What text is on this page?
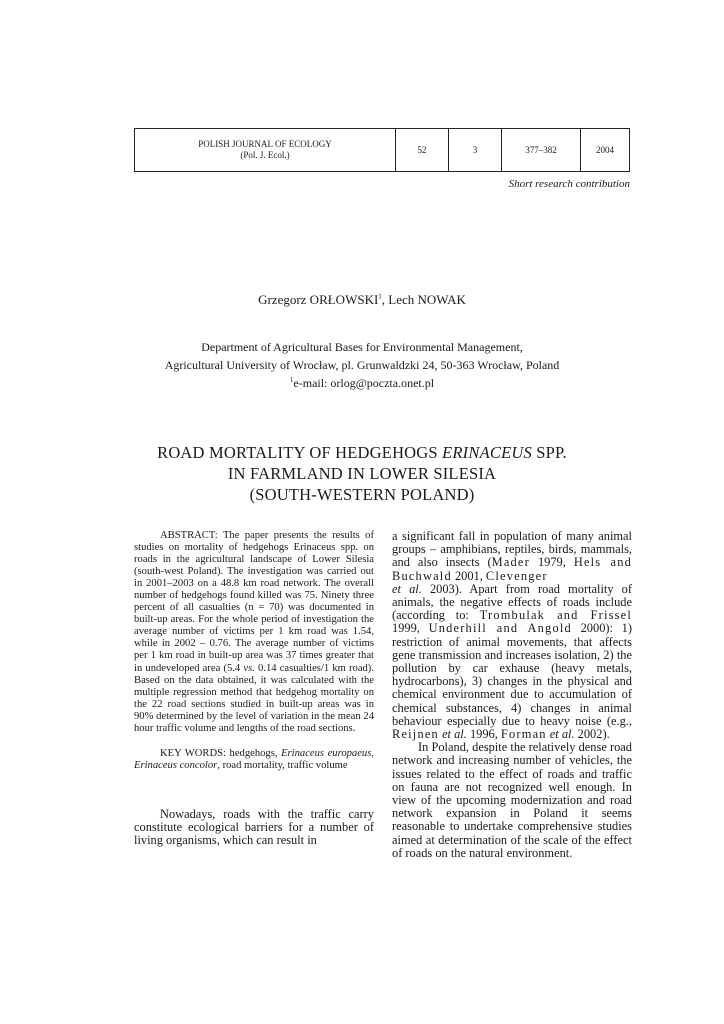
POLISH JOURNAL OF ECOLOGY
(Pol. J. Ecol.)	52	3	377–382	2004
Short research contribution
Grzegorz ORŁOWSKI$^1$, Lech NOWAK
Department of Agricultural Bases for Environmental Management,
Agricultural University of Wrocław, pl. Grunwaldzki 24, 50-363 Wrocław, Poland
$^1$e-mail: orlog@poczta.onet.pl
ROAD MORTALITY OF HEDGEHOGS ERINACEUS SPP.
IN FARMLAND IN LOWER SILESIA
(SOUTH-WESTERN POLAND)

ABSTRACT: The paper presents the results of studies on mortality of hedgehogs Erinaceus spp. on roads in the agricultural landscape of Lower Silesia (south-west Poland). The investigation was carried out in 2001–2003 on a 48.8 km road network. The overall number of hedgehogs found killed was 75. Ninety three percent of all casualties (n = 70) was documented in built-up areas. For the whole period of investigation the average number of victims per 1 km road was 1.54, while in 2002 – 0.76. The average number of victims per 1 km road in built-up area was 37 times greater that in undeveloped area (5.4 vs. 0.14 casualties/1 km road). Based on the data obtained, it was calculated with the multiple regression method that hedgehog mortality on the 22 road sections studied in built-up areas was in 90% determined by the level of variation in the mean 24 hour traffic volume and lengths of the road sections.

KEY WORDS: hedgehogs, Erinaceus europaeus, Erinaceus concolor, road mortality, traffic volume

Nowadays, roads with the traffic carry constitute ecological barriers for a number of living organisms, which can result in

a significant fall in population of many animal groups – amphibians, reptiles, birds, mammals, and also insects (Mader 1979, Hels and Buchwald 2001, Clevenger
et al. 2003). Apart from road mortality of animals, the negative effects of roads include (according to: Trombulak and Frissel 1999, Underhill and Angold 2000): 1) restriction of animal movements, that affects gene transmission and increases isolation, 2) the pollution by car exhause (heavy metals, hydrocarbons), 3) changes in the physical and chemical environment due to accumulation of chemical substances, 4) changes in animal behaviour especially due to heavy noise (e.g., Reijnen et al. 1996, Forman et al. 2002).

In Poland, despite the relatively dense road network and increasing number of vehicles, the issues related to the effect of roads and traffic on fauna are not recognized well enough. In view of the upcoming modernization and road network expansion in Poland it seems reasonable to undertake comprehensive studies aimed at determination of the scale of the effect of roads on the natural environment.
